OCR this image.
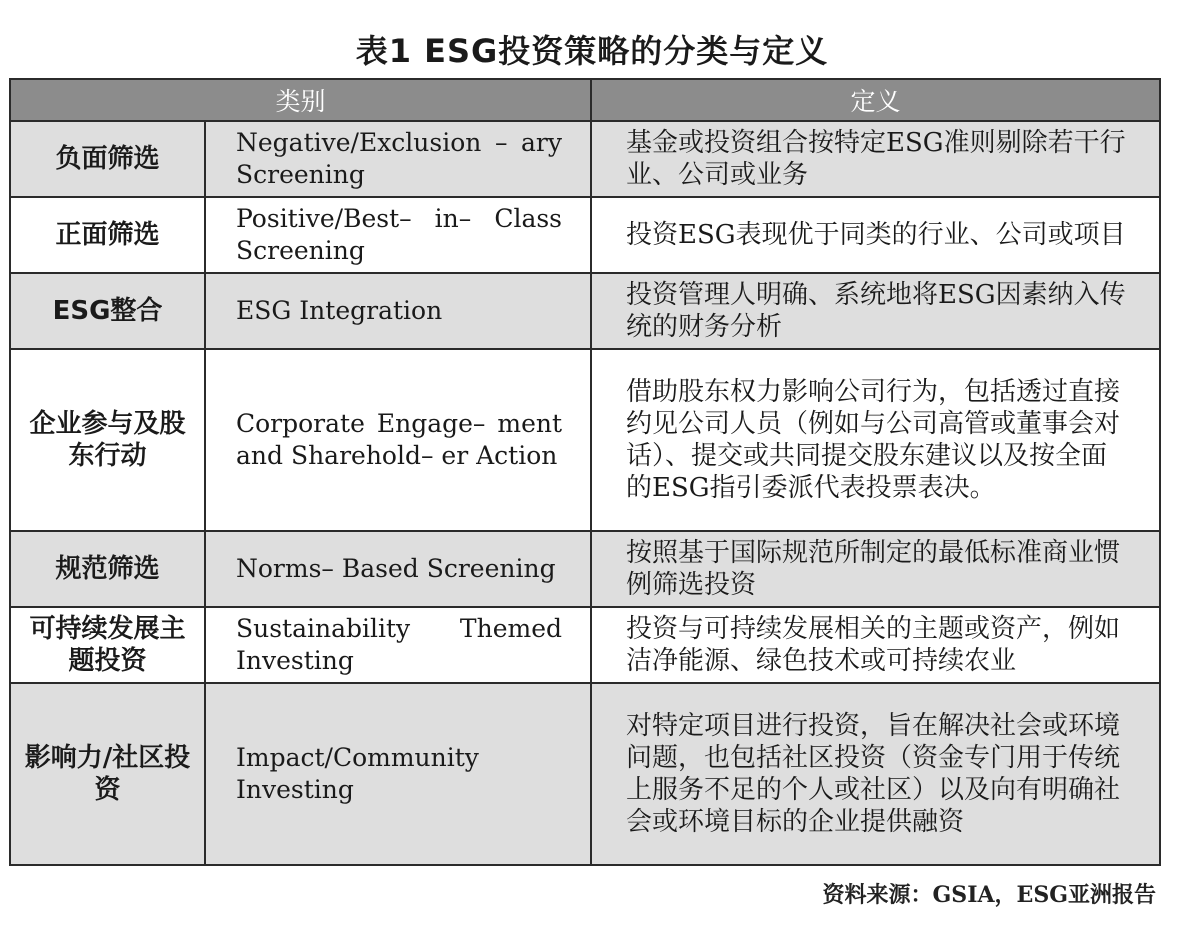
表1 ESG投资策略的分类与定义
类别		定义
负面筛选	Negative/Exclusion – ary Screening	基金或投资组合按特定ESG准则剔除若干行业、公司或业务
正面筛选	Positive/Best– in– Class Screening	投资ESG表现优于同类的行业、公司或项目
ESG整合	ESG Integration	投资管理人明确、系统地将ESG因素纳入传统的财务分析
企业参与及股东行动	Corporate Engage– ment and Sharehold– er Action	借助股东权力影响公司行为，包括透过直接约见公司人员（例如与公司高管或董事会对话）、提交或共同提交股东建议以及按全面的ESG指引委派代表投票表决。
规范筛选	Norms– Based Screening	按照基于国际规范所制定的最低标准商业惯例筛选投资
可持续发展主题投资	Sustainability Themed Investing	投资与可持续发展相关的主题或资产，例如洁净能源、绿色技术或可持续农业
影响力/社区投资	Impact/Community Investing	对特定项目进行投资，旨在解决社会或环境问题，也包括社区投资（资金专门用于传统上服务不足的个人或社区）以及向有明确社会或环境目标的企业提供融资
资料来源：GSIA，ESG亚洲报告
